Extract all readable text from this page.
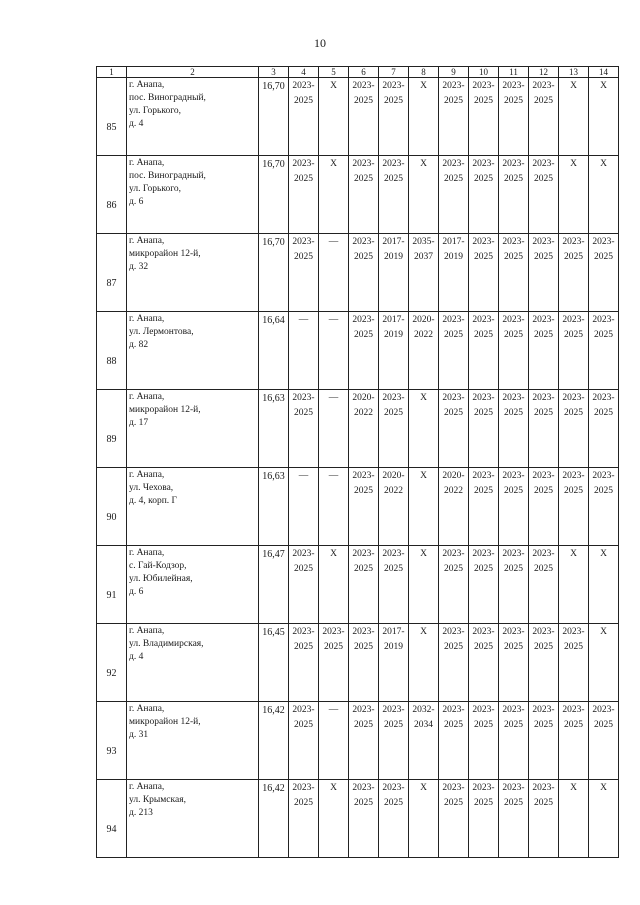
10
1	2	3	4	5	6	7	8	9	10	11	12	13	14
85	г. Анапа,
пос. Виноградный,
ул. Горького,
д. 4	16,70	2023-
2025	Х	2023-
2025	2023-
2025	Х	2023-
2025	2023-
2025	2023-
2025	2023-
2025	Х	Х

86	г. Анапа,
пос. Виноградный,
ул. Горького,
д. 6	16,70	2023-
2025	Х	2023-
2025	2023-
2025	Х	2023-
2025	2023-
2025	2023-
2025	2023-
2025	Х	Х

87	г. Анапа,
микрорайон 12-й,
д. 32	16,70	2023-
2025	—	2023-
2025	2017-
2019	2035-
2037	2017-
2019	2023-
2025	2023-
2025	2023-
2025	2023-
2025	2023-
2025

88	г. Анапа,
ул. Лермонтова,
д. 82	16,64	—	—	2023-
2025	2017-
2019	2020-
2022	2023-
2025	2023-
2025	2023-
2025	2023-
2025	2023-
2025	2023-
2025

89	г. Анапа,
микрорайон 12-й,
д. 17	16,63	2023-
2025	—	2020-
2022	2023-
2025	Х	2023-
2025	2023-
2025	2023-
2025	2023-
2025	2023-
2025	2023-
2025

90	г. Анапа,
ул. Чехова,
д. 4, корп. Г	16,63	—	—	2023-
2025	2020-
2022	Х	2020-
2022	2023-
2025	2023-
2025	2023-
2025	2023-
2025	2023-
2025

91	г. Анапа,
с. Гай-Кодзор,
ул. Юбилейная,
д. 6	16,47	2023-
2025	Х	2023-
2025	2023-
2025	Х	2023-
2025	2023-
2025	2023-
2025	2023-
2025	Х	Х

92	г. Анапа,
ул. Владимирская,
д. 4	16,45	2023-
2025	2023-
2025	2023-
2025	2017-
2019	Х	2023-
2025	2023-
2025	2023-
2025	2023-
2025	2023-
2025	Х

93	г. Анапа,
микрорайон 12-й,
д. 31	16,42	2023-
2025	—	2023-
2025	2023-
2025	2032-
2034	2023-
2025	2023-
2025	2023-
2025	2023-
2025	2023-
2025	2023-
2025

94	г. Анапа,
ул. Крымская,
д. 213	16,42	2023-
2025	Х	2023-
2025	2023-
2025	Х	2023-
2025	2023-
2025	2023-
2025	2023-
2025	Х	Х
